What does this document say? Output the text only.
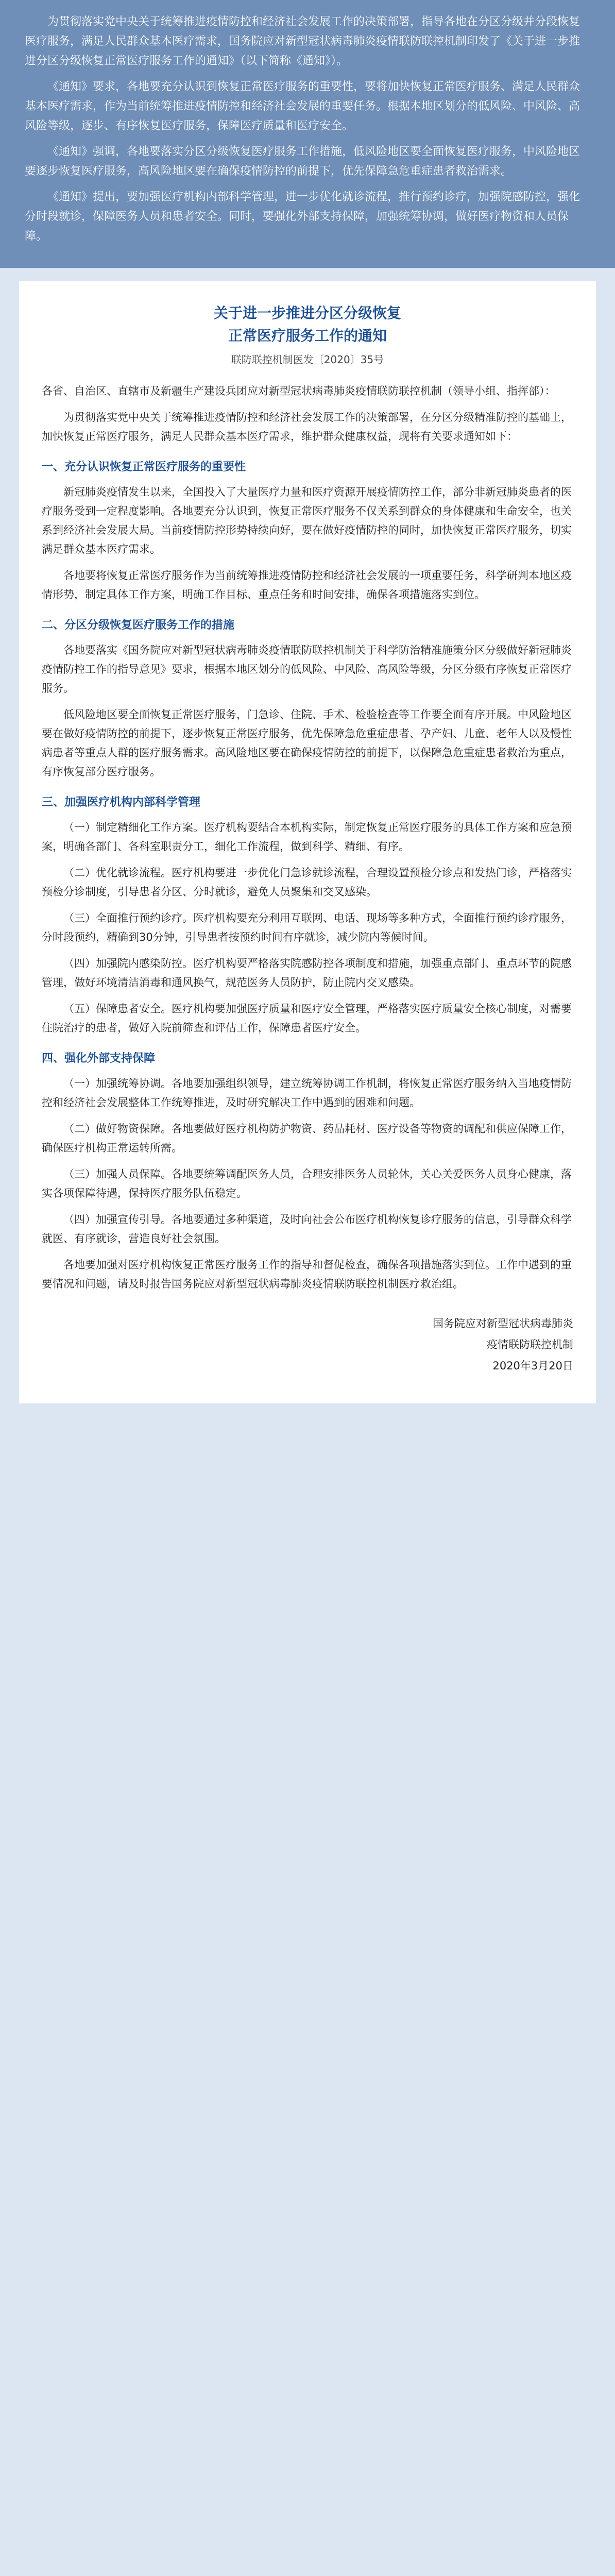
为贯彻落实党中央关于统筹推进疫情防控和经济社会发展工作的决策部署，指导各地在分区分级并分段恢复医疗服务，满足人民群众基本医疗需求，国务院应对新型冠状病毒肺炎疫情联防联控机制印发了《关于进一步推进分区分级恢复正常医疗服务工作的通知》（以下简称《通知》）。

《通知》要求，各地要充分认识到恢复正常医疗服务的重要性，要将加快恢复正常医疗服务、满足人民群众基本医疗需求，作为当前统筹推进疫情防控和经济社会发展的重要任务。根据本地区划分的低风险、中风险、高风险等级，逐步、有序恢复医疗服务，保障医疗质量和医疗安全。

《通知》强调，各地要落实分区分级恢复医疗服务工作措施，低风险地区要全面恢复医疗服务，中风险地区要逐步恢复医疗服务，高风险地区要在确保疫情防控的前提下，优先保障急危重症患者救治需求。

《通知》提出，要加强医疗机构内部科学管理，进一步优化就诊流程，推行预约诊疗，加强院感防控，强化分时段就诊，保障医务人员和患者安全。同时，要强化外部支持保障，加强统筹协调，做好医疗物资和人员保障。

关于进一步推进分区分级恢复
正常医疗服务工作的通知
联防联控机制医发〔2020〕35号

各省、自治区、直辖市及新疆生产建设兵团应对新型冠状病毒肺炎疫情联防联控机制（领导小组、指挥部）：

为贯彻落实党中央关于统筹推进疫情防控和经济社会发展工作的决策部署，在分区分级精准防控的基础上，加快恢复正常医疗服务，满足人民群众基本医疗需求，维护群众健康权益，现将有关要求通知如下：

一、充分认识恢复正常医疗服务的重要性

新冠肺炎疫情发生以来，全国投入了大量医疗力量和医疗资源开展疫情防控工作，部分非新冠肺炎患者的医疗服务受到一定程度影响。各地要充分认识到，恢复正常医疗服务不仅关系到群众的身体健康和生命安全，也关系到经济社会发展大局。当前疫情防控形势持续向好，要在做好疫情防控的同时，加快恢复正常医疗服务，切实满足群众基本医疗需求。

各地要将恢复正常医疗服务作为当前统筹推进疫情防控和经济社会发展的一项重要任务，科学研判本地区疫情形势，制定具体工作方案，明确工作目标、重点任务和时间安排，确保各项措施落实到位。

二、分区分级恢复医疗服务工作的措施

各地要落实《国务院应对新型冠状病毒肺炎疫情联防联控机制关于科学防治精准施策分区分级做好新冠肺炎疫情防控工作的指导意见》要求，根据本地区划分的低风险、中风险、高风险等级，分区分级有序恢复正常医疗服务。

低风险地区要全面恢复正常医疗服务，门急诊、住院、手术、检验检查等工作要全面有序开展。中风险地区要在做好疫情防控的前提下，逐步恢复正常医疗服务，优先保障急危重症患者、孕产妇、儿童、老年人以及慢性病患者等重点人群的医疗服务需求。高风险地区要在确保疫情防控的前提下，以保障急危重症患者救治为重点，有序恢复部分医疗服务。

三、加强医疗机构内部科学管理

（一）制定精细化工作方案。医疗机构要结合本机构实际，制定恢复正常医疗服务的具体工作方案和应急预案，明确各部门、各科室职责分工，细化工作流程，做到科学、精细、有序。

（二）优化就诊流程。医疗机构要进一步优化门急诊就诊流程，合理设置预检分诊点和发热门诊，严格落实预检分诊制度，引导患者分区、分时就诊，避免人员聚集和交叉感染。

（三）全面推行预约诊疗。医疗机构要充分利用互联网、电话、现场等多种方式，全面推行预约诊疗服务，分时段预约，精确到30分钟，引导患者按预约时间有序就诊，减少院内等候时间。

（四）加强院内感染防控。医疗机构要严格落实院感防控各项制度和措施，加强重点部门、重点环节的院感管理，做好环境清洁消毒和通风换气，规范医务人员防护，防止院内交叉感染。

（五）保障患者安全。医疗机构要加强医疗质量和医疗安全管理，严格落实医疗质量安全核心制度，对需要住院治疗的患者，做好入院前筛查和评估工作，保障患者医疗安全。

四、强化外部支持保障

（一）加强统筹协调。各地要加强组织领导，建立统筹协调工作机制，将恢复正常医疗服务纳入当地疫情防控和经济社会发展整体工作统筹推进，及时研究解决工作中遇到的困难和问题。

（二）做好物资保障。各地要做好医疗机构防护物资、药品耗材、医疗设备等物资的调配和供应保障工作，确保医疗机构正常运转所需。

（三）加强人员保障。各地要统筹调配医务人员，合理安排医务人员轮休，关心关爱医务人员身心健康，落实各项保障待遇，保持医疗服务队伍稳定。

（四）加强宣传引导。各地要通过多种渠道，及时向社会公布医疗机构恢复诊疗服务的信息，引导群众科学就医、有序就诊，营造良好社会氛围。

各地要加强对医疗机构恢复正常医疗服务工作的指导和督促检查，确保各项措施落实到位。工作中遇到的重要情况和问题，请及时报告国务院应对新型冠状病毒肺炎疫情联防联控机制医疗救治组。

国务院应对新型冠状病毒肺炎
疫情联防联控机制
2020年3月20日
